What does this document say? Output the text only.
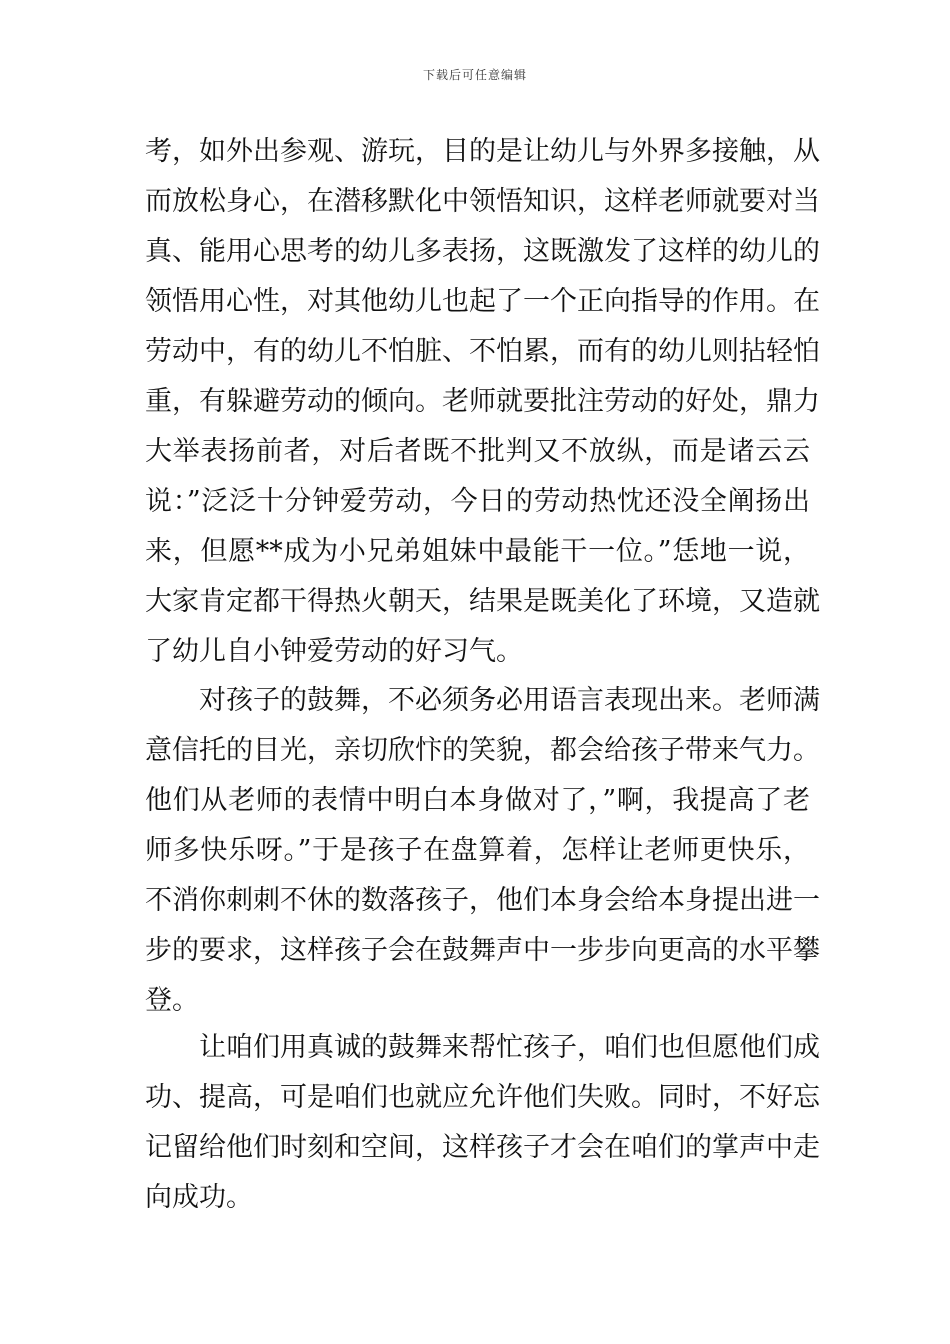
下载后可任意编辑
考，如外出参观、游玩，目的是让幼儿与外界多接触，从
而放松身心，在潜移默化中领悟知识，这样老师就要对当
真、能用心思考的幼儿多表扬，这既激发了这样的幼儿的
领悟用心性，对其他幼儿也起了一个正向指导的作用。在
劳动中，有的幼儿不怕脏、不怕累，而有的幼儿则拈轻怕
重，有躲避劳动的倾向。老师就要批注劳动的好处，鼎力
大举表扬前者，对后者既不批判又不放纵，而是诸云云
说：”泛泛十分钟爱劳动，今日的劳动热忱还没全阐扬出
来，但愿**成为小兄弟姐妹中最能干一位。”恁地一说，
大家肯定都干得热火朝天，结果是既美化了环境，又造就
了幼儿自小钟爱劳动的好习气。
对孩子的鼓舞，不必须务必用语言表现出来。老师满
意信托的目光，亲切欣忭的笑貌，都会给孩子带来气力。
他们从老师的表情中明白本身做对了，”啊，我提高了老
师多快乐呀。”于是孩子在盘算着，怎样让老师更快乐，
不消你刺刺不休的数落孩子，他们本身会给本身提出进一
步的要求，这样孩子会在鼓舞声中一步步向更高的水平攀
登。
让咱们用真诚的鼓舞来帮忙孩子，咱们也但愿他们成
功、提高，可是咱们也就应允许他们失败。同时，不好忘
记留给他们时刻和空间，这样孩子才会在咱们的掌声中走
向成功。
